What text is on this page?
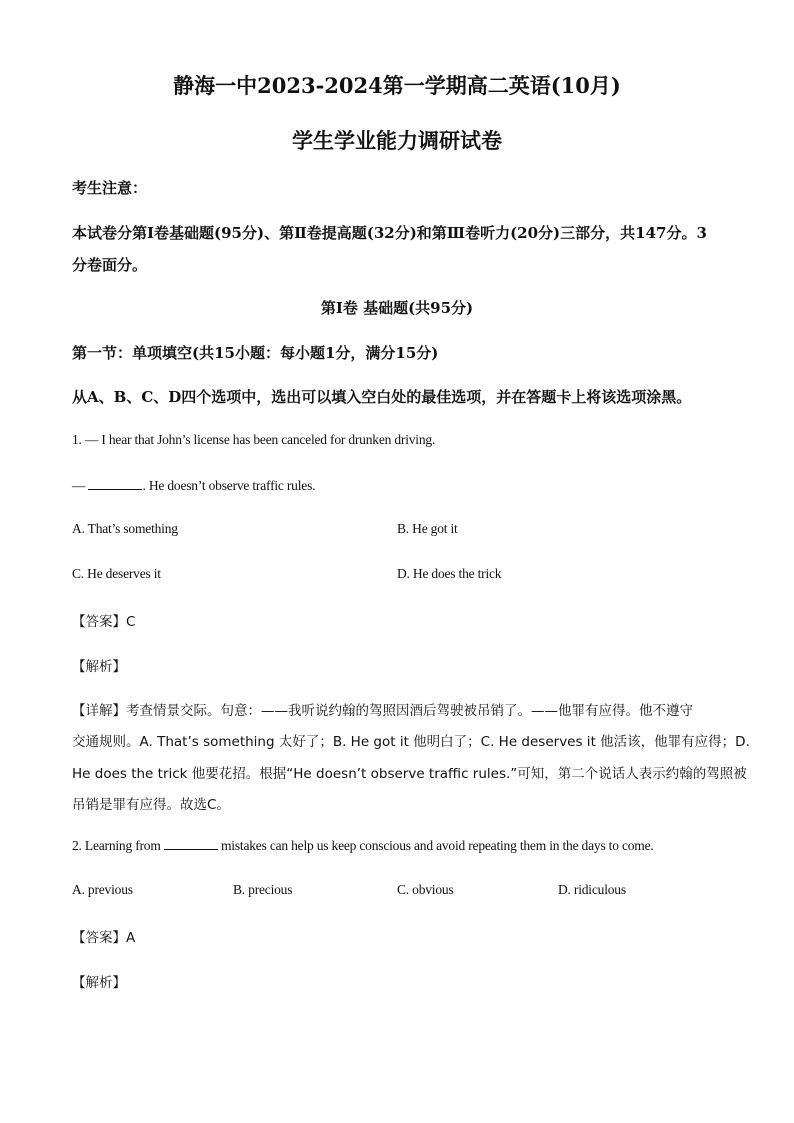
静海一中2023-2024第一学期高二英语(10月)
学生学业能力调研试卷
考生注意：
本试卷分第Ⅰ卷基础题(95分)、第Ⅱ卷提高题(32分)和第Ⅲ卷听力(20分)三部分，共147分。3
分卷面分。
第Ⅰ卷 基础题(共95分)
第一节：单项填空(共15小题：每小题1分，满分15分)
从A、B、C、D四个选项中，选出可以填入空白处的最佳选项，并在答题卡上将该选项涂黑。
1. — I hear that John’s license has been canceled for drunken driving.
—	. He doesn’t observe traffic rules.
A. That’s something	B. He got it
C. He deserves it	D. He does the trick
【答案】C
【解析】
【详解】考查情景交际。句意：——我听说约翰的驾照因酒后驾驶被吊销了。——他罪有应得。他不遵守
交通规则。A. That’s something 太好了；B. He got it 他明白了；C. He deserves it 他活该，他罪有应得；D.
He does the trick 他要花招。根据“He doesn’t observe traffic rules.”可知，第二个说话人表示约翰的驾照被
吊销是罪有应得。故选C。
2. Learning from	mistakes can help us keep conscious and avoid repeating them in the days to come.
A. previous	B. precious	C. obvious	D. ridiculous
【答案】A
【解析】
